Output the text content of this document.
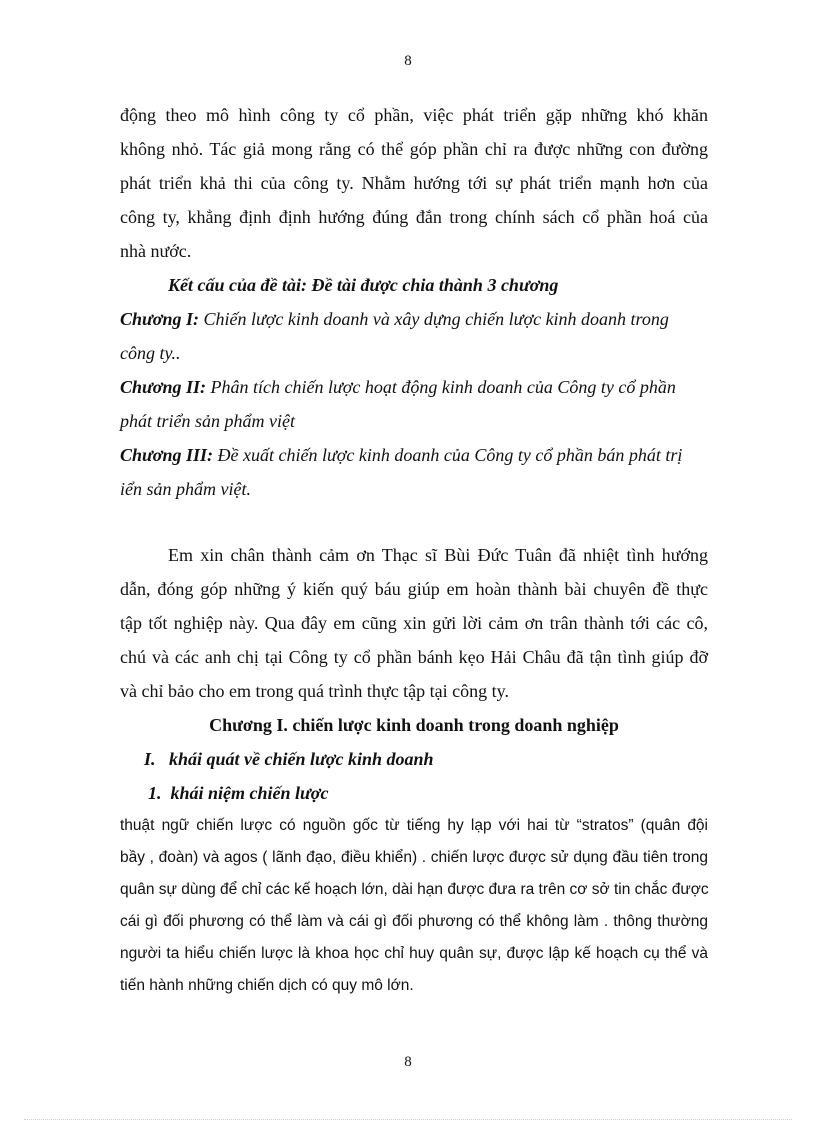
8
động theo mô hình công ty cổ phần, việc phát triển gặp những khó khăn
không nhỏ. Tác giả mong rằng có thể góp phần chỉ ra được những con đường
phát triển khả thi của công ty. Nhằm hướng tới sự phát triển mạnh hơn của
công ty, khẳng định định hướng đúng đắn trong chính sách cổ phần hoá của
nhà nước.
Kết cấu của đề tài: Đề tài được chia thành 3 chương
Chương I: Chiến lược kinh doanh và xây dựng chiến lược kinh doanh trong
công ty..
Chương II: Phân tích chiến lược hoạt động kinh doanh của Công ty cổ phần
phát triển sản phẩm việt
Chương III: Đề xuất chiến lược kinh doanh của Công ty cổ phần bán phát trị
iển sản phẩm việt.
Em xin chân thành cảm ơn Thạc sĩ Bùi Đức Tuân đã nhiệt tình hướng
dẫn, đóng góp những ý kiến quý báu giúp em hoàn thành bài chuyên đề thực
tập tốt nghiệp này. Qua đây em cũng xin gửi lời cảm ơn trân thành tới các cô,
chú và các anh chị tại Công ty cổ phần bánh kẹo Hải Châu đã tận tình giúp đỡ
và chỉ bảo cho em trong quá trình thực tập tại công ty.
Chương I. chiến lược kinh doanh trong doanh nghiệp
I.   khái quát về chiến lược kinh doanh
1.  khái niệm chiến lược
thuật ngữ chiến lược có nguồn gốc từ tiếng hy lạp với hai từ “stratos” (quân đội
bầy , đoàn) và agos ( lãnh đạo, điều khiển) . chiến lược được sử dụng đầu tiên trong
quân sự dùng để chỉ các kế hoạch lớn, dài hạn được đưa ra trên cơ sở tin chắc được
cái gì đối phương có thể làm và cái gì đối phương có thể không làm . thông thường
người ta hiểu chiến lược là khoa học chỉ huy quân sự, được lập kế hoạch cụ thể và
tiến hành những chiến dịch có quy mô lớn.
8
